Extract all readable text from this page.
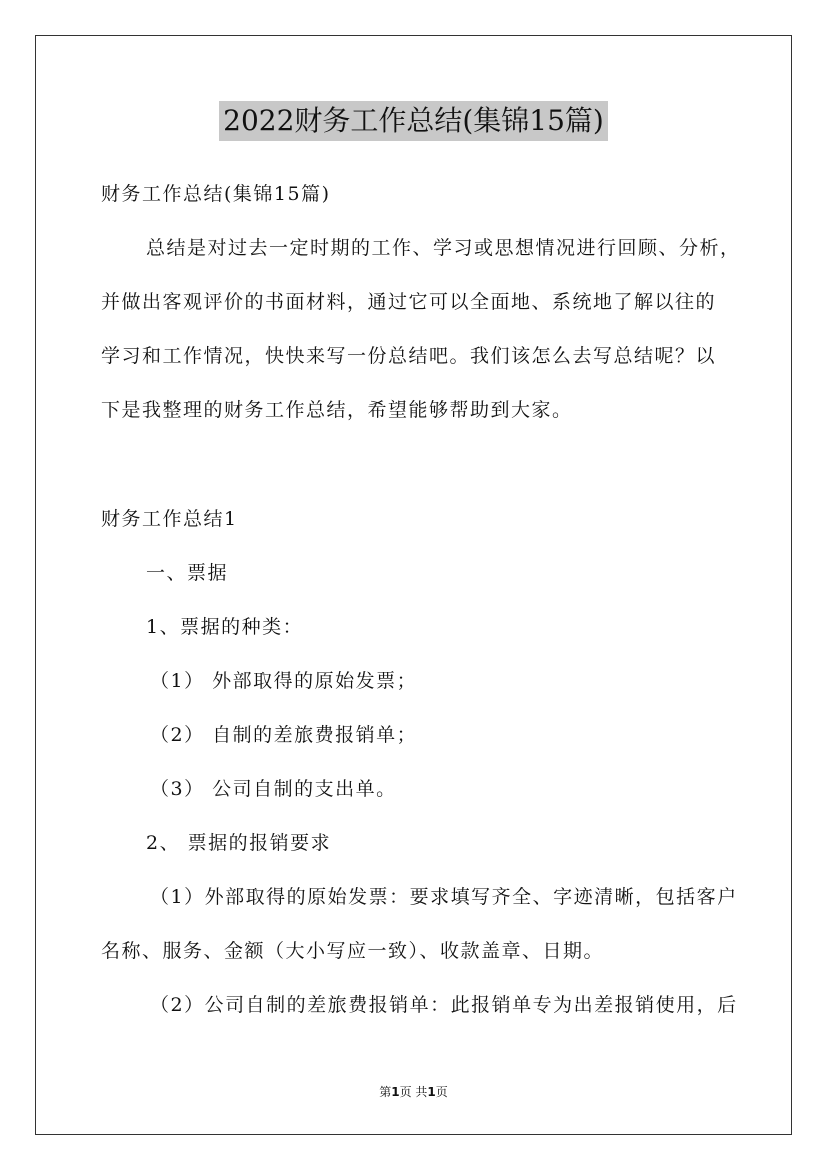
2022财务工作总结(集锦15篇)
财务工作总结(集锦15篇)
总结是对过去一定时期的工作、学习或思想情况进行回顾、分析，
并做出客观评价的书面材料，通过它可以全面地、系统地了解以往的
学习和工作情况，快快来写一份总结吧。我们该怎么去写总结呢？以
下是我整理的财务工作总结，希望能够帮助到大家。
财务工作总结1
一、票据
1、票据的种类：
（1） 外部取得的原始发票；
（2） 自制的差旅费报销单；
（3） 公司自制的支出单。
2、 票据的报销要求
（1）外部取得的原始发票：要求填写齐全、字迹清晰，包括客户
名称、服务、金额（大小写应一致）、收款盖章、日期。
（2）公司自制的差旅费报销单：此报销单专为出差报销使用，后
第1页 共1页
